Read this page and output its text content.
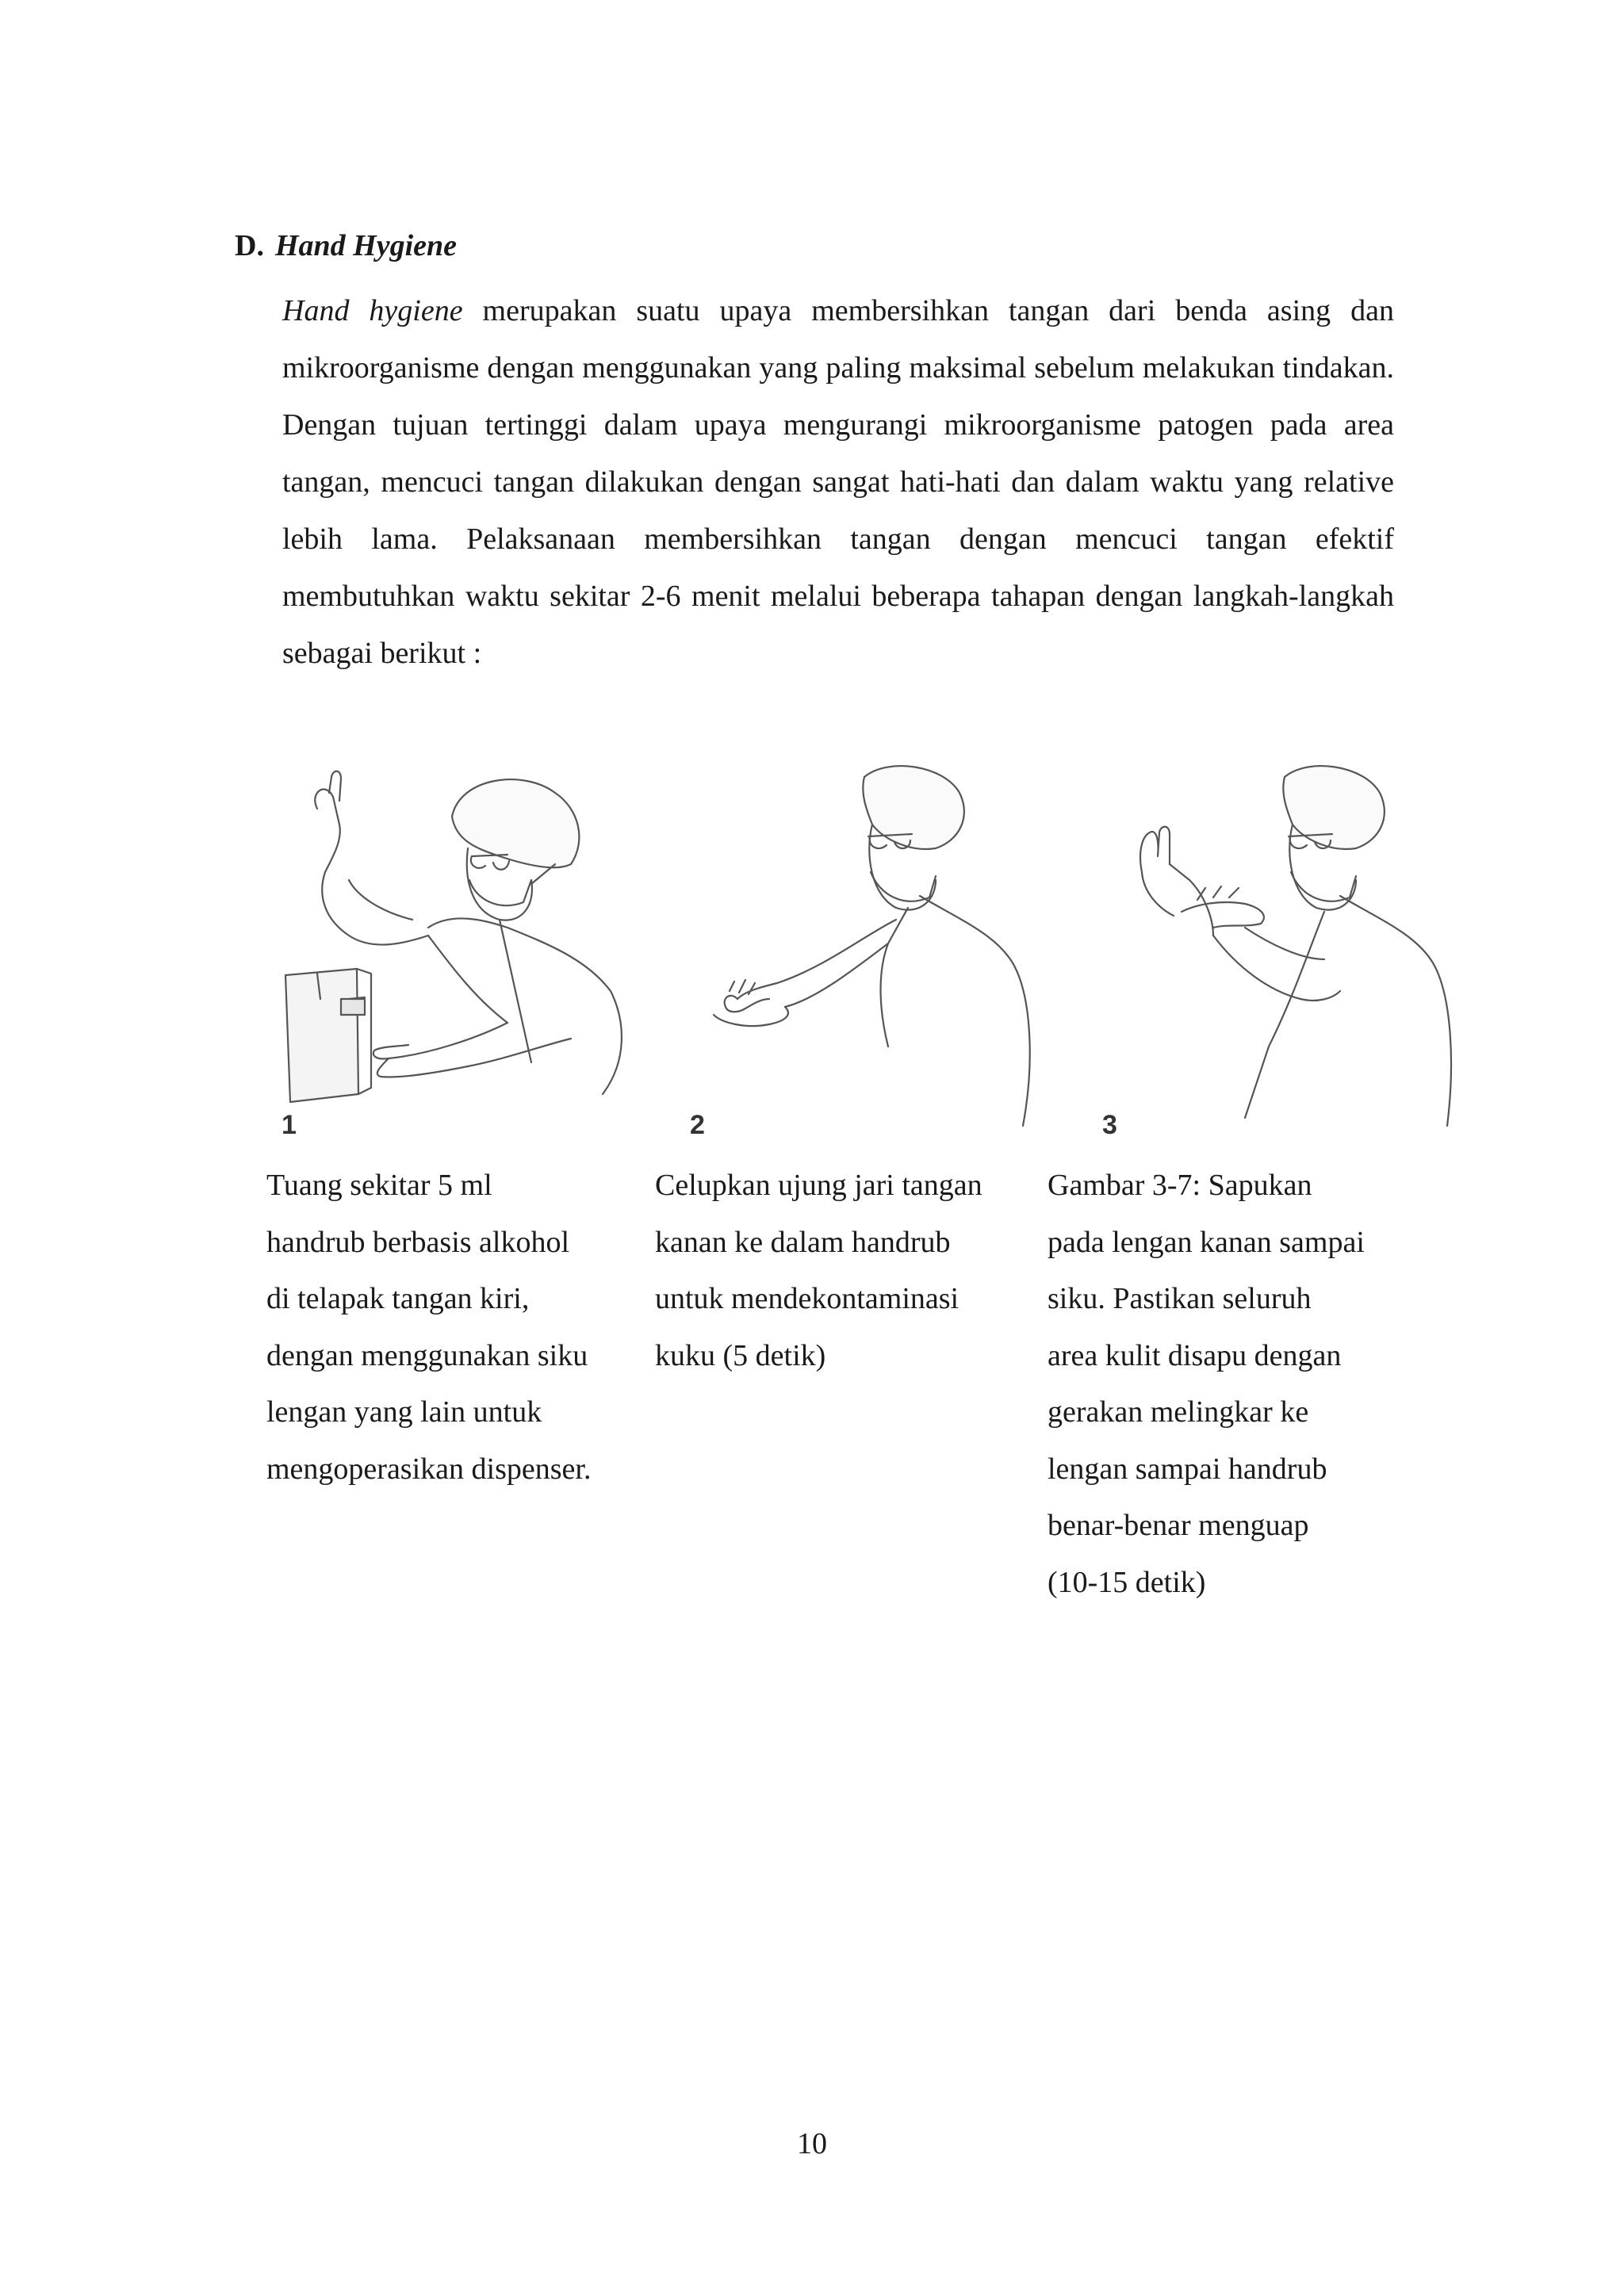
D. Hand Hygiene
Hand hygiene merupakan suatu upaya membersihkan tangan dari benda asing dan mikroorganisme dengan menggunakan yang paling maksimal sebelum melakukan tindakan. Dengan tujuan tertinggi dalam upaya mengurangi mikroorganisme patogen pada area tangan, mencuci tangan dilakukan dengan sangat hati-hati dan dalam waktu yang relative lebih lama. Pelaksanaan membersihkan tangan dengan mencuci tangan efektif membutuhkan waktu sekitar 2-6 menit melalui beberapa tahapan dengan langkah-langkah sebagai berikut :
1	2	3
Tuang sekitar 5 ml
handrub berbasis alkohol
di telapak tangan kiri,
dengan menggunakan siku
lengan yang lain untuk
mengoperasikan dispenser.
Celupkan ujung jari tangan
kanan ke dalam handrub
untuk mendekontaminasi
kuku (5 detik)
Gambar 3-7: Sapukan
pada lengan kanan sampai
siku. Pastikan seluruh
area kulit disapu dengan
gerakan melingkar ke
lengan sampai handrub
benar-benar menguap
(10-15 detik)
10
